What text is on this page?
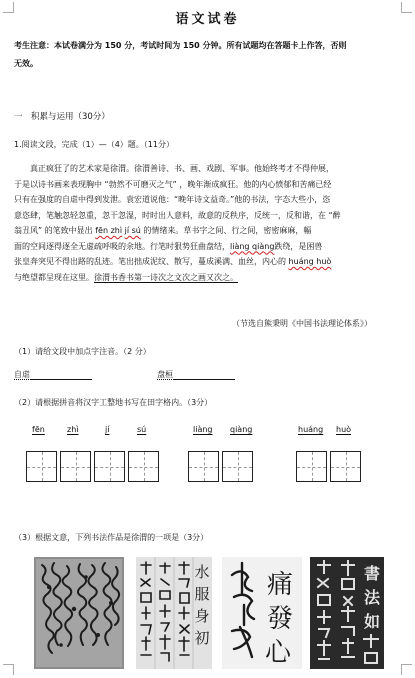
语文试卷
考生注意：本试卷满分为 150 分，考试时间为 150 分钟。所有试题均在答题卡上作答，否则
无效。
一　积累与运用（30分）
1.阅读文段，完成（1）—（4）题。（11分）
真正疯狂了的艺术家是徐渭。徐渭善诗、书、画、戏剧、军事。他始终考才不得仲展，
于是以诗书画来表现胸中 “勃然不可磨灭之气” ，晚年渐成疯狂。他的内心愤郁和苦痛已经
只有在强度的自虐中得到发泄。袁宏道说他：“晚年诗文益奇。”他的书法，字态大些小，恣
意恣肆，笔触忽轻忽重，忽干忽湿，时时出人意料，故意的反秩序，反统一，反和谐，在 “醉
翁丑风” 的笔致中显出 fēn zhì jí sú 的情绪来。草书字之间、行之间，密密麻麻，幅
面的空间逐得逐全无虚疏呼吸的余地。行笔时狠势狂曲盘结，liàng qiàng跌绕，是困兽
张皇奔突见不得出路的乱迹。笔出拙成泥纹、散写，蔓成溪满、血丝，内心的 huáng huò
与绝望都呈现在这里。徐渭书香书第一诗次之文次之画又次之。
（节选自熊秉明《中国书法理论体系》）
（1）请给文段中加点字注音。（2 分）
自虐	盘桓
（2）请根据拼音将汉字工整地书写在田字格内。（3分）
fēn	zhì	jí	sú	liàng qiàng	huáng huò
（3）根据文意，下列书法作品是徐渭的一项是（3分）
水
服
身
初
痛
發
心
書
法
如
